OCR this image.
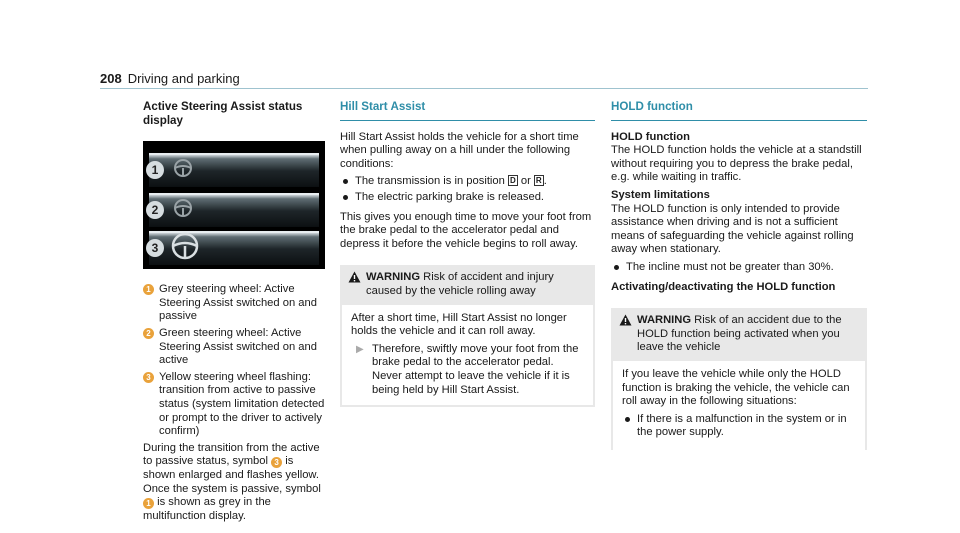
208 Driving and parking
Active Steering Assist status display
1
2
3
1 Grey steering wheel: Active Steering Assist switched on and passive
2 Green steering wheel: Active Steering Assist switched on and active
3 Yellow steering wheel flashing: transition from active to passive status (system limitation detected or prompt to the driver to actively confirm)

During the transition from the active to passive status, symbol 3 is shown enlarged and flashes yellow. Once the system is passive, symbol 1 is shown as grey in the multifunction display.

Hill Start Assist

Hill Start Assist holds the vehicle for a short time when pulling away on a hill under the following conditions:

The transmission is in position D or R .
The electric parking brake is released.

This gives you enough time to move your foot from the brake pedal to the accelerator pedal and depress it before the vehicle begins to roll away.

WARNING Risk of accident and injury caused by the vehicle rolling away

After a short time, Hill Start Assist no longer holds the vehicle and it can roll away.

▶ Therefore, swiftly move your foot from the brake pedal to the accelerator pedal. Never attempt to leave the vehicle if it is being held by Hill Start Assist.
HOLD function
HOLD function

The HOLD function holds the vehicle at a standstill without requiring you to depress the brake pedal, e.g. while waiting in traffic.

System limitations

The HOLD function is only intended to provide assistance when driving and is not a sufficient means of safeguarding the vehicle against rolling away when stationary.

The incline must not be greater than 30%.
Activating/deactivating the HOLD function
WARNING Risk of an accident due to the HOLD function being activated when you leave the vehicle

If you leave the vehicle while only the HOLD function is braking the vehicle, the vehicle can roll away in the following situations:

If there is a malfunction in the system or in the power supply.
